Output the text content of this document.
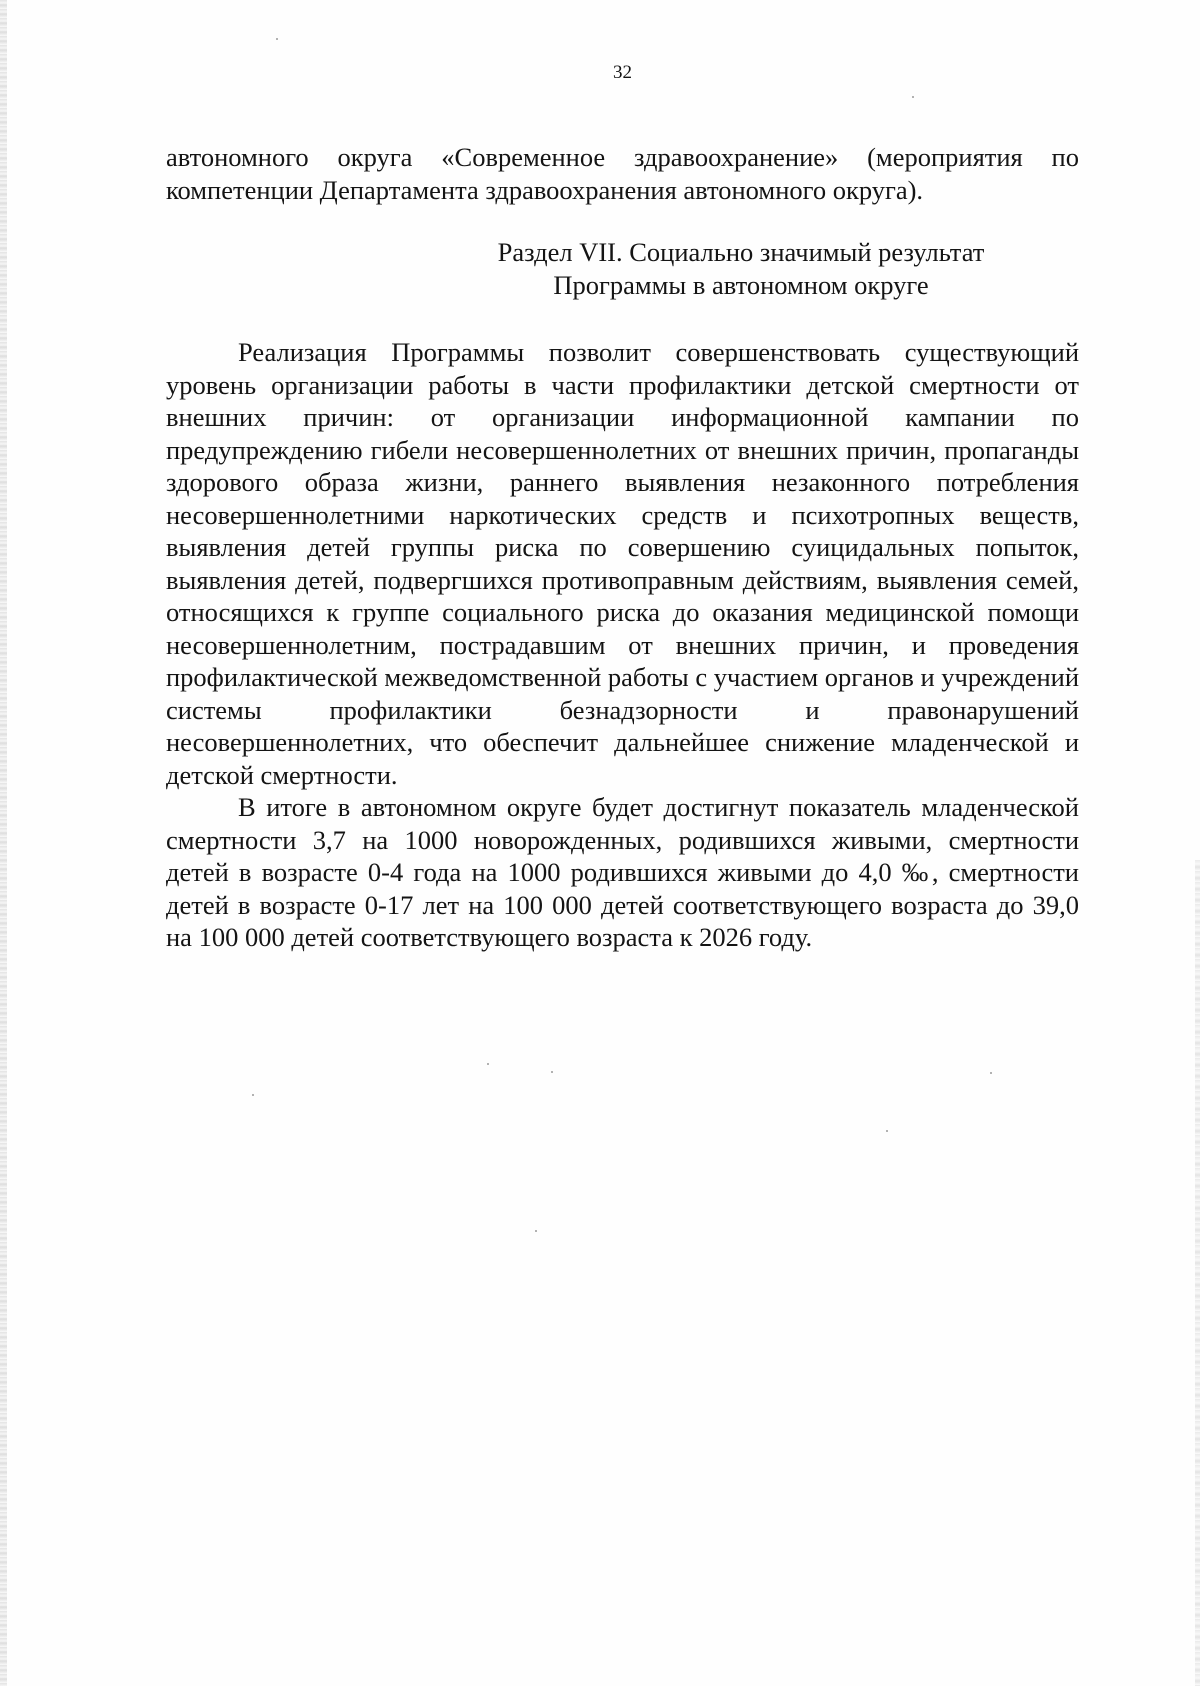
32
автономного округа «Современное здравоохранение» (мероприятия по компетенции Департамента здравоохранения автономного округа).
Раздел VII. Социально значимый результат
Программы в автономном округе

Реализация Программы позволит совершенствовать существующий уровень организации работы в части профилактики детской смертности от внешних причин: от организации информационной кампании по предупреждению гибели несовершеннолетних от внешних причин, пропаганды здорового образа жизни, раннего выявления незаконного потребления несовершеннолетними наркотических средств и психотропных веществ, выявления детей группы риска по совершению суицидальных попыток, выявления детей, подвергшихся противоправным действиям, выявления семей, относящихся к группе социального риска до оказания медицинской помощи несовершеннолетним, пострадавшим от внешних причин, и проведения профилактической межведомственной работы с участием органов и учреждений системы профилактики безнадзорности и правонарушений несовершеннолетних, что обеспечит дальнейшее снижение младенческой и детской смертности.

В итоге в автономном округе будет достигнут показатель младенческой смертности 3,7 на 1000 новорожденных, родившихся живыми, смертности детей в возрасте 0-4 года на 1000 родившихся живыми до 4,0 ‰, смертности детей в возрасте 0-17 лет на 100 000 детей соответствующего возраста до 39,0 на 100 000 детей соответствующего возраста к 2026 году.
